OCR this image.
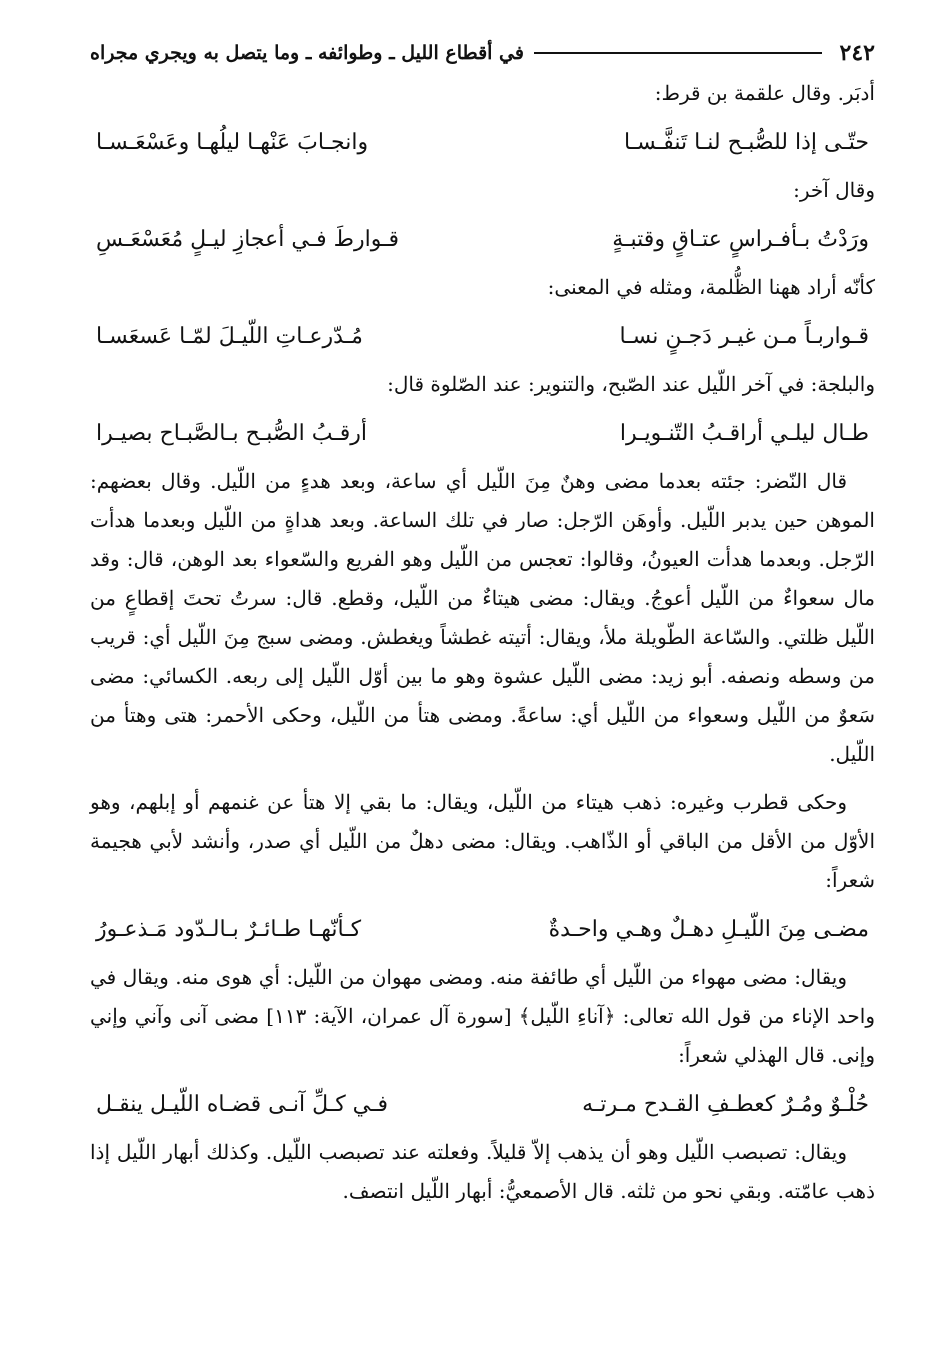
٢٤٢
في أقطاع الليل ـ وطوائفه ـ وما يتصل به ويجري مجراه

أدبَر. وقال علقمة بن قرط:

حتّـى إذا للصُّبـح لنـا تَنفَّـسـا
وانجـابَ عَنْهـا ليلُهـا وعَسْعَـسـا

وقال آخر:

ورَدْتُ بـأفـراسٍ عتـاقٍ وقتبـةٍ
قـوارطَ فـي أعجازِ ليـلٍ مُعَسْعَـسِ

كأنّه أراد ههنا الظُّلمة، ومثله في المعنى:

قـواربـاً مـن غيـر دَجـنٍ نسـا
مُـدّرعـاتِ اللّيـلَ لمّـا عَسعَسـا

والبلجة: في آخر اللّيل عند الصّبح، والتنوير: عند الصّلوة قال:

طـال ليلـي أراقـبُ التّنـويـرا
أرقـبُ الصُّبـح بـالصَّبـاح بصيـرا

قال النّضر: جئته بعدما مضى وهنٌ مِنَ اللّيل أي ساعة، وبعد هدءٍ من اللّيل. وقال بعضهم: الموهن حين يدبر اللّيل. وأوهَن الرّجل: صار في تلك الساعة. وبعد هداةٍ من اللّيل وبعدما هدأت الرّجل. وبعدما هدأت العيونُ، وقالوا: تعجس من اللّيل وهو الفريع والسّعواء بعد الوهن، قال: وقد مال سعواءٌ من اللّيل أعوجُ. ويقال: مضى هيتاءٌ من اللّيل، وقطع. قال: سرتُ تحتَ إقطاعٍ من اللّيل ظلتي. والسّاعة الطّويلة ملأ، ويقال: أتيته غطشاً ويغطش. ومضى سبج مِنَ اللّيل أي: قريب من وسطه ونصفه. أبو زيد: مضى اللّيل عشوة وهو ما بين أوّل اللّيل إلى ربعه. الكسائي: مضى سَعوٌ من اللّيل وسعواء من اللّيل أي: ساعةً. ومضى هتأ من اللّيل، وحكى الأحمر: هتى وهتأ من اللّيل.

وحكى قطرب وغيره: ذهب هيتاء من اللّيل، ويقال: ما بقي إلا هتأ عن غنمهم أو إبلهم، وهو الأوّل من الأقل من الباقي أو الذّاهب. ويقال: مضى دهلٌ من اللّيل أي صدر، وأنشد لأبي هجيمة شعراً:

مضـى مِنَ اللّيـلِ دهـلٌ وهـي واحـدةٌ
كـأنّهـا طـائـرٌ بـالـدّود مَـذعـورُ

ويقال: مضى مهواء من اللّيل أي طائفة منه. ومضى مهوان من اللّيل: أي هوى منه. ويقال في واحد الإناء من قول الله تعالى: ﴿آناءِ اللّيل﴾ [سورة آل عمران، الآية: ١١٣] مضى آنى وآني وإني وإنى. قال الهذلي شعراً:

حُلْـوٌ ومُـرٌ كعطـفِ القـدح مـرتـه
فـي كـلِّ آنـى قضـاه اللّيـل ينقـل

ويقال: تصبصب اللّيل وهو أن يذهب إلاّ قليلاً. وفعلته عند تصبصب اللّيل. وكذلك أبهار اللّيل إذا ذهب عامّته. وبقي نحو من ثلثه. قال الأصمعيُّ: أبهار اللّيل انتصف.
